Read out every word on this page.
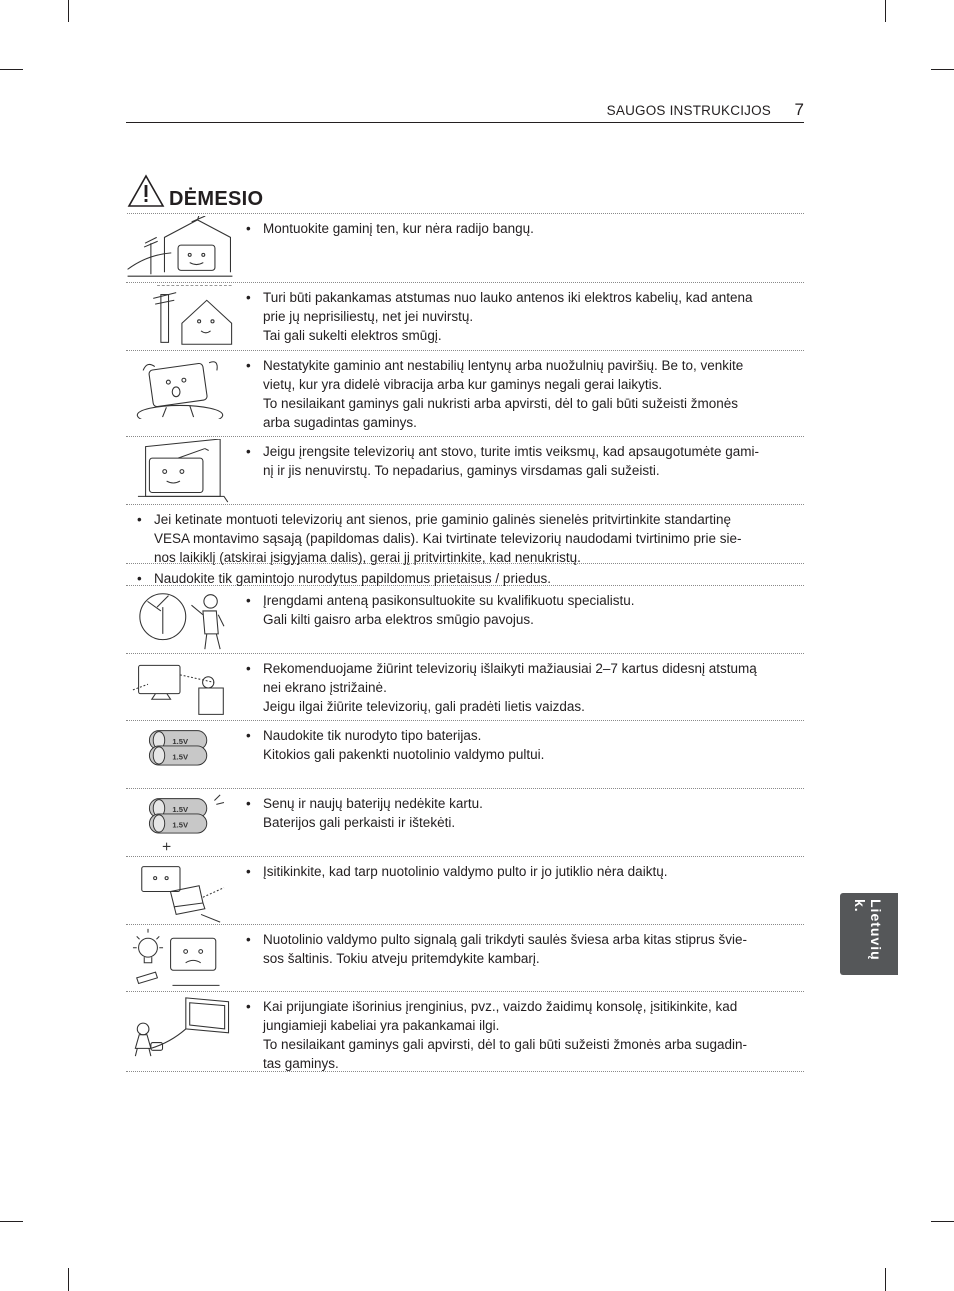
SAUGOS INSTRUKCIJOS 7
DĖMESIO
• Montuokite gaminį ten, kur nėra radijo bangų.
• Turi būti pakankamas atstumas nuo lauko antenos iki elektros kabelių, kad antena
prie jų neprisiliestų, net jei nuvirstų.
Tai gali sukelti elektros smūgį.
• Nestatykite gaminio ant nestabilių lentynų arba nuožulnių paviršių. Be to, venkite
vietų, kur yra didelė vibracija arba kur gaminys negali gerai laikytis.
To nesilaikant gaminys gali nukristi arba apvirsti, dėl to gali būti sužeisti žmonės
arba sugadintas gaminys.
• Jeigu įrengsite televizorių ant stovo, turite imtis veiksmų, kad apsaugotumėte gami-
nį ir jis nenuvirstų. To nepadarius, gaminys virsdamas gali sužeisti.
• Jei ketinate montuoti televizorių ant sienos, prie gaminio galinės sienelės pritvirtinkite standartinę
VESA montavimo sąsają (papildomas dalis). Kai tvirtinate televizorių naudodami tvirtinimo prie sie-
nos laikiklį (atskirai įsigyjama dalis), gerai jį pritvirtinkite, kad nenukristų.
• Naudokite tik gamintojo nurodytus papildomus prietaisus / priedus.
• Įrengdami anteną pasikonsultuokite su kvalifikuotu specialistu.
Gali kilti gaisro arba elektros smūgio pavojus.
• Rekomenduojame žiūrint televizorių išlaikyti mažiausiai 2–7 kartus didesnį atstumą
nei ekrano įstrižainė.
Jeigu ilgai žiūrite televizorių, gali pradėti lietis vaizdas.
1.5V
1.5V
• Naudokite tik nurodyto tipo baterijas.
Kitokios gali pakenkti nuotolinio valdymo pultui.
1.5V
1.5V
• Senų ir naujų baterijų nedėkite kartu.
Baterijos gali perkaisti ir ištekėti.
• Įsitikinkite, kad tarp nuotolinio valdymo pulto ir jo jutiklio nėra daiktų.
• Nuotolinio valdymo pulto signalą gali trikdyti saulės šviesa arba kitas stiprus švie-
sos šaltinis. Tokiu atveju pritemdykite kambarį.
• Kai prijungiate išorinius įrenginius, pvz., vaizdo žaidimų konsolę, įsitikinkite, kad
jungiamieji kabeliai yra pakankamai ilgi.
To nesilaikant gaminys gali apvirsti, dėl to gali būti sužeisti žmonės arba sugadin-
tas gaminys.
Lietuvių k.
